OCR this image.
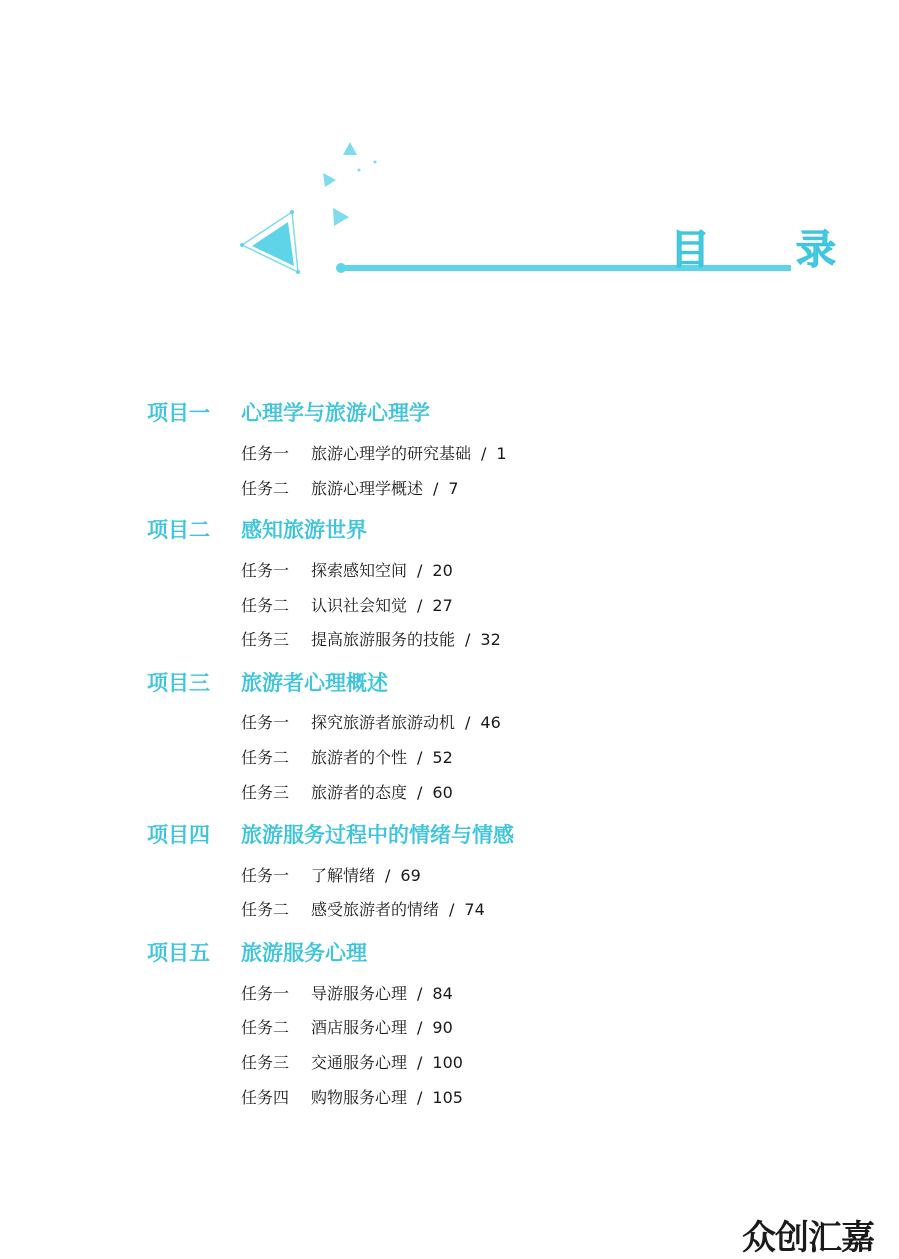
目 录
项目一 心理学与旅游心理学
任务一 旅游心理学的研究基础 / 1
任务二 旅游心理学概述 / 7
项目二 感知旅游世界
任务一 探索感知空间 / 20
任务二 认识社会知觉 / 27
任务三 提高旅游服务的技能 / 32
项目三 旅游者心理概述
任务一 探究旅游者旅游动机 / 46
任务二 旅游者的个性 / 52
任务三 旅游者的态度 / 60
项目四 旅游服务过程中的情绪与情感
任务一 了解情绪 / 69
任务二 感受旅游者的情绪 / 74
项目五 旅游服务心理
任务一 导游服务心理 / 84
任务二 酒店服务心理 / 90
任务三 交通服务心理 / 100
任务四 购物服务心理 / 105
众创汇嘉
